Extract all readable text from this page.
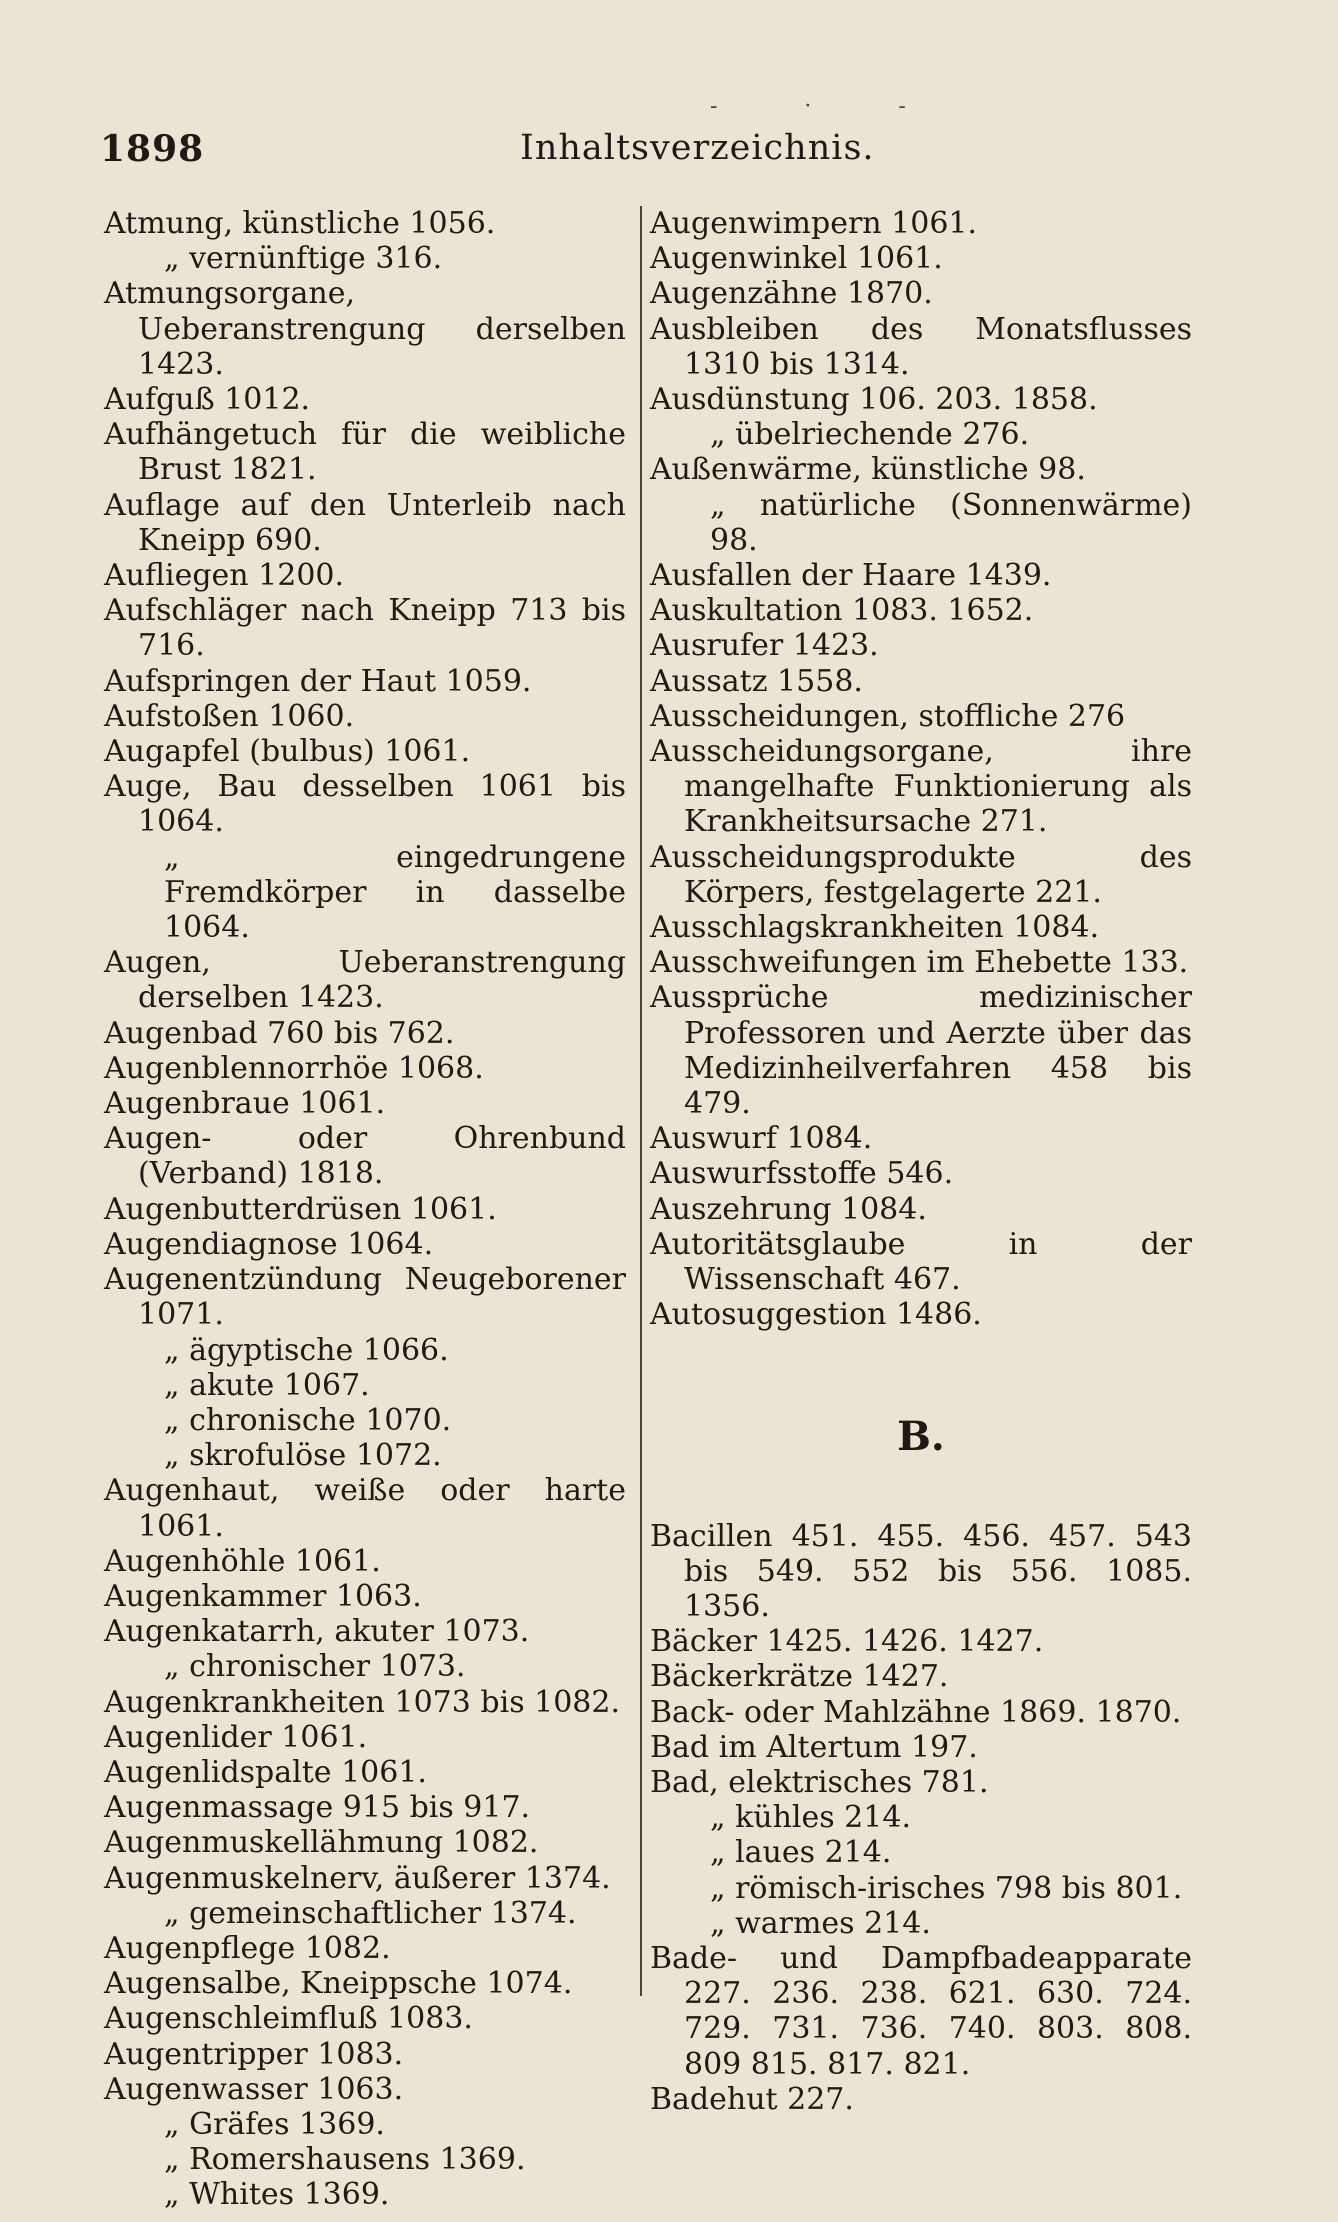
- · -
1898	Inhaltsverzeichnis.
Atmung, künstliche 1056.
„ vernünftige 316.
Atmungsorgane, Ueberanstrengung derselben 1423.
Aufguß 1012.
Aufhängetuch für die weibliche Brust 1821.
Auflage auf den Unterleib nach Kneipp 690.
Aufliegen 1200.
Aufschläger nach Kneipp 713 bis 716.
Aufspringen der Haut 1059.
Aufstoßen 1060.
Augapfel (bulbus) 1061.
Auge, Bau desselben 1061 bis 1064.
„ eingedrungene Fremdkörper in dasselbe 1064.
Augen, Ueberanstrengung derselben 1423.
Augenbad 760 bis 762.
Augenblennorrhöe 1068.
Augenbraue 1061.
Augen- oder Ohrenbund (Verband) 1818.
Augenbutterdrüsen 1061.
Augendiagnose 1064.
Augenentzündung Neugeborener 1071.
„ ägyptische 1066.
„ akute 1067.
„ chronische 1070.
„ skrofulöse 1072.
Augenhaut, weiße oder harte 1061.
Augenhöhle 1061.
Augenkammer 1063.
Augenkatarrh, akuter 1073.
„ chronischer 1073.
Augenkrankheiten 1073 bis 1082.
Augenlider 1061.
Augenlidspalte 1061.
Augenmassage 915 bis 917.
Augenmuskellähmung 1082.
Augenmuskelnerv, äußerer 1374.
„ gemeinschaftlicher 1374.
Augenpflege 1082.
Augensalbe, Kneippsche 1074.
Augenschleimfluß 1083.
Augentripper 1083.
Augenwasser 1063.
„ Gräfes 1369.
„ Romershausens 1369.
„ Whites 1369.
Augenwimpern 1061.
Augenwinkel 1061.
Augenzähne 1870.
Ausbleiben des Monatsflusses 1310 bis 1314.
Ausdünstung 106. 203. 1858.
„ übelriechende 276.
Außenwärme, künstliche 98.
„ natürliche (Sonnenwärme) 98.
Ausfallen der Haare 1439.
Auskultation 1083. 1652.
Ausrufer 1423.
Aussatz 1558.
Ausscheidungen, stoffliche 276
Ausscheidungsorgane, ihre mangelhafte Funktionierung als Krankheitsursache 271.
Ausscheidungsprodukte des Körpers, festgelagerte 221.
Ausschlagskrankheiten 1084.
Ausschweifungen im Ehebette 133.
Aussprüche medizinischer Professoren und Aerzte über das Medizinheilverfahren 458 bis 479.
Auswurf 1084.
Auswurfsstoffe 546.
Auszehrung 1084.
Autoritätsglaube in der Wissenschaft 467.
Autosuggestion 1486.
B.
Bacillen 451. 455. 456. 457. 543 bis 549. 552 bis 556. 1085. 1356.
Bäcker 1425. 1426. 1427.
Bäckerkrätze 1427.
Back- oder Mahlzähne 1869. 1870.
Bad im Altertum 197.
Bad, elektrisches 781.
„ kühles 214.
„ laues 214.
„ römisch-irisches 798 bis 801.
„ warmes 214.
Bade- und Dampfbadeapparate 227. 236. 238. 621. 630. 724. 729. 731. 736. 740. 803. 808. 809 815. 817. 821.
Badehut 227.
